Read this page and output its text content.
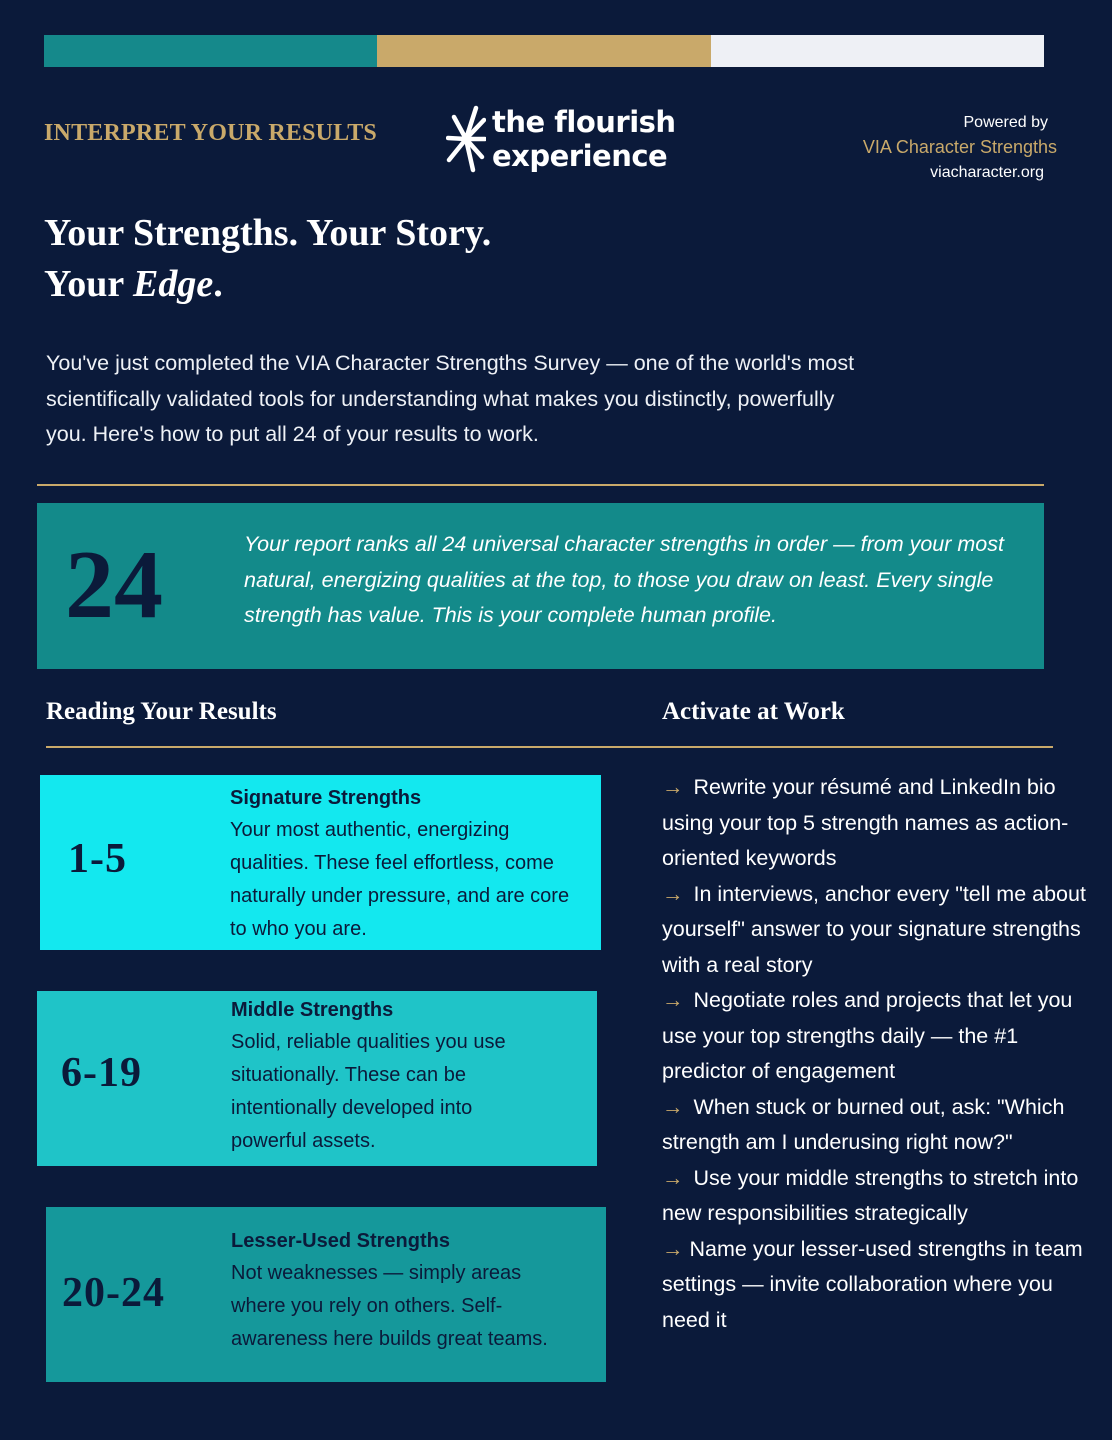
INTERPRET YOUR RESULTS	the flourish
experience
Powered by
VIA Character Strengths
viacharacter.org
Your Strengths. Your Story.
Your Edge.

You've just completed the VIA Character Strengths Survey — one of the world's most scientifically validated tools for understanding what makes you distinctly, powerfully you. Here's how to put all 24 of your results to work.

24	Your report ranks all 24 universal character strengths in order — from your most natural, energizing qualities at the top, to those you draw on least. Every single strength has value. This is your complete human profile.

Reading Your Results	Activate at Work
1-5
Signature Strengths

Your most authentic, energizing qualities. These feel effortless, come naturally under pressure, and are core to who you are.

6-19
Middle Strengths

Solid, reliable qualities you use situationally. These can be intentionally developed into powerful assets.

20-24
Lesser-Used Strengths

Not weaknesses — simply areas where you rely on others. Self-awareness here builds great teams.

→ Rewrite your résumé and LinkedIn bio using your top 5 strength names as action-oriented keywords
→ In interviews, anchor every "tell me about yourself" answer to your signature strengths with a real story
→ Negotiate roles and projects that let you use your top strengths daily — the #1 predictor of engagement
→ When stuck or burned out, ask: "Which strength am I underusing right now?"
→ Use your middle strengths to stretch into new responsibilities strategically
→ Name your lesser-used strengths in team settings — invite collaboration where you need it
